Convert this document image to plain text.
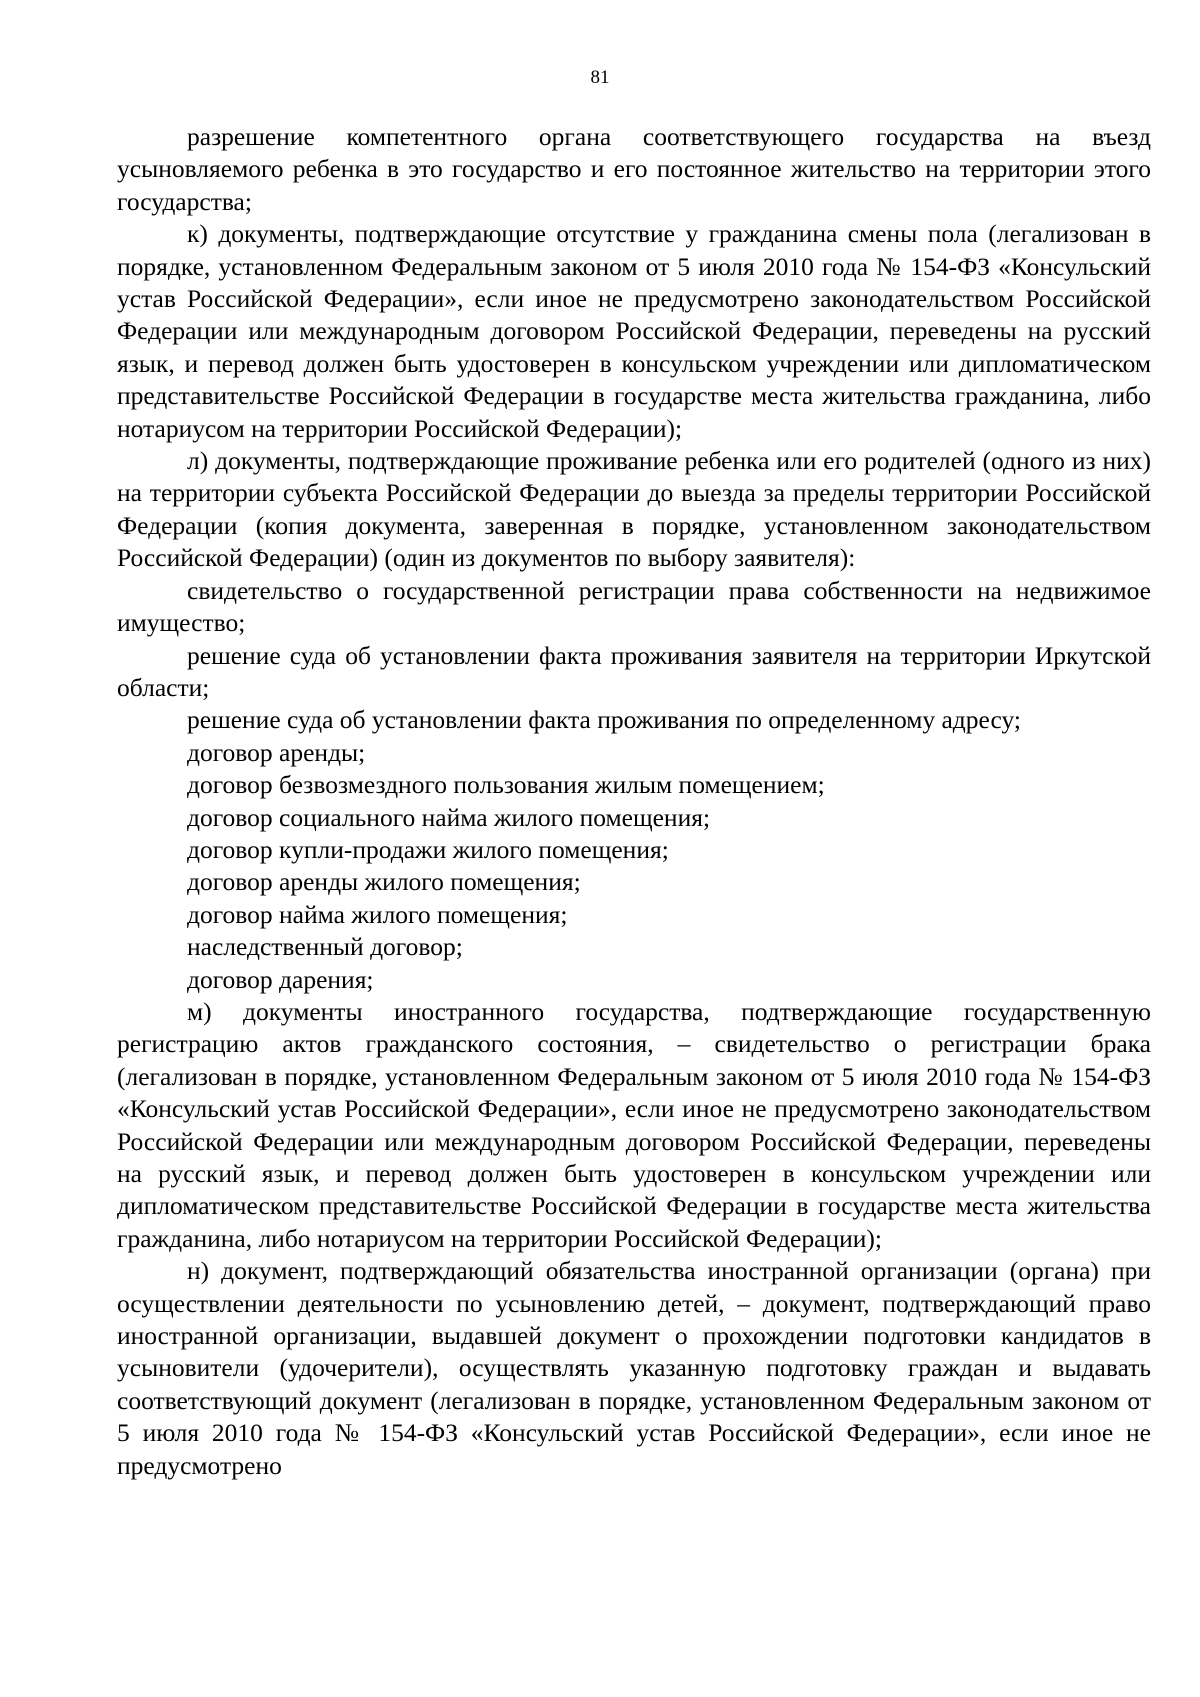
81

разрешение компетентного органа соответствующего государства на въезд усыновляемого ребенка в это государство и его постоянное жительство на территории этого государства;

к) документы, подтверждающие отсутствие у гражданина смены пола (легализован в порядке, установленном Федеральным законом от 5 июля 2010 года № 154-ФЗ «Консульский устав Российской Федерации», если иное не предусмотрено законодательством Российской Федерации или международным договором Российской Федерации, переведены на русский язык, и перевод должен быть удостоверен в консульском учреждении или дипломатическом представительстве Российской Федерации в государстве места жительства гражданина, либо нотариусом на территории Российской Федерации);

л) документы, подтверждающие проживание ребенка или его родителей (одного из них) на территории субъекта Российской Федерации до выезда за пределы территории Российской Федерации (копия документа, заверенная в порядке, установленном законодательством Российской Федерации) (один из документов по выбору заявителя):

свидетельство о государственной регистрации права собственности на недвижимое имущество;

решение суда об установлении факта проживания заявителя на территории Иркутской области;

решение суда об установлении факта проживания по определенному адресу;

договор аренды;

договор безвозмездного пользования жилым помещением;

договор социального найма жилого помещения;

договор купли-продажи жилого помещения;

договор аренды жилого помещения;

договор найма жилого помещения;

наследственный договор;

договор дарения;

м) документы иностранного государства, подтверждающие государственную регистрацию актов гражданского состояния, – свидетельство о регистрации брака (легализован в порядке, установленном Федеральным законом от 5 июля 2010 года № 154-ФЗ «Консульский устав Российской Федерации», если иное не предусмотрено законодательством Российской Федерации или международным договором Российской Федерации, переведены на русский язык, и перевод должен быть удостоверен в консульском учреждении или дипломатическом представительстве Российской Федерации в государстве места жительства гражданина, либо нотариусом на территории Российской Федерации);

н) документ, подтверждающий обязательства иностранной организации (органа) при осуществлении деятельности по усыновлению детей, – документ, подтверждающий право иностранной организации, выдавшей документ о прохождении подготовки кандидатов в усыновители (удочерители), осуществлять указанную подготовку граждан и выдавать соответствующий документ (легализован в порядке, установленном Федеральным законом от 5 июля 2010 года № 154-ФЗ «Консульский устав Российской Федерации», если иное не предусмотрено
